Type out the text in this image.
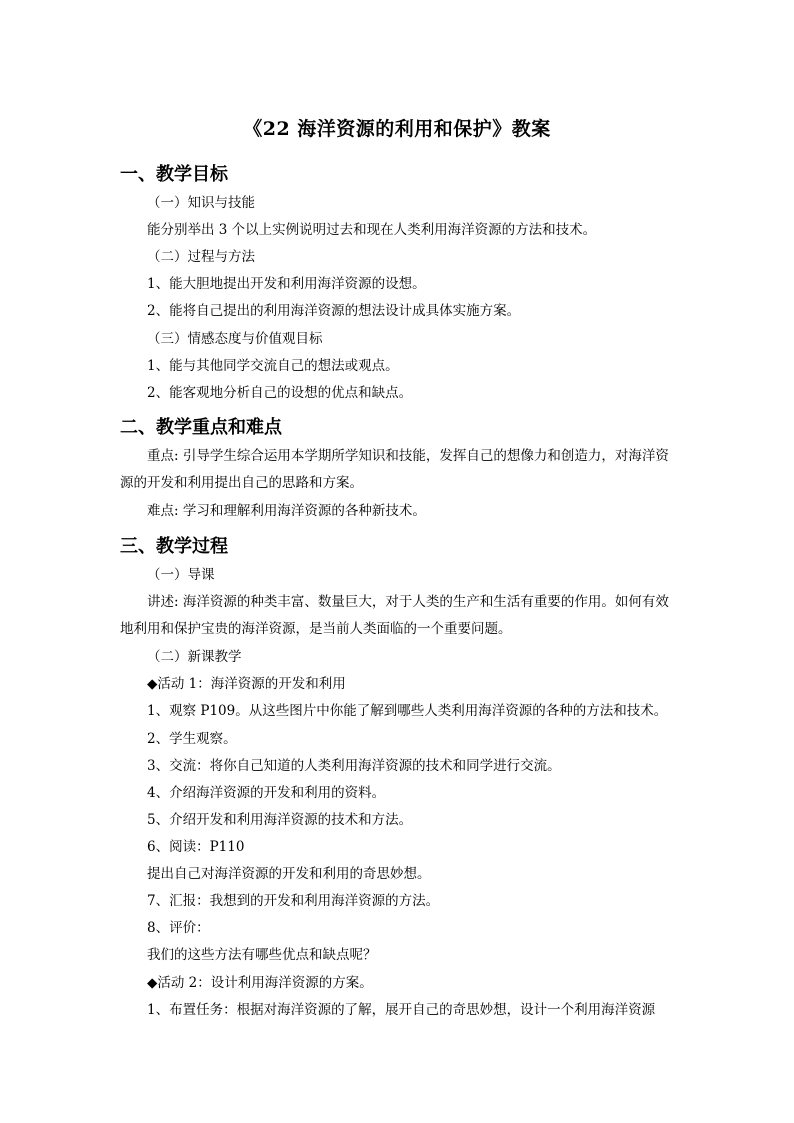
《22 海洋资源的利用和保护》教案
一、教学目标
（一）知识与技能
能分别举出 3 个以上实例说明过去和现在人类利用海洋资源的方法和技术。
（二）过程与方法
1、能大胆地提出开发和利用海洋资源的设想。
2、能将自己提出的利用海洋资源的想法设计成具体实施方案。
（三）情感态度与价值观目标
1、能与其他同学交流自己的想法或观点。
2、能客观地分析自己的设想的优点和缺点。
二、教学重点和难点
重点: 引导学生综合运用本学期所学知识和技能，发挥自己的想像力和创造力，对海洋资源的开发和利用提出自己的思路和方案。
难点: 学习和理解利用海洋资源的各种新技术。
三、教学过程
（一）导课
讲述: 海洋资源的种类丰富、数量巨大，对于人类的生产和生活有重要的作用。如何有效地利用和保护宝贵的海洋资源，是当前人类面临的一个重要问题。
（二）新课教学
◆活动 1：海洋资源的开发和利用
1、观察 P109。从这些图片中你能了解到哪些人类利用海洋资源的各种的方法和技术。
2、学生观察。
3、交流：将你自己知道的人类利用海洋资源的技术和同学进行交流。
4、介绍海洋资源的开发和利用的资料。
5、介绍开发和利用海洋资源的技术和方法。
6、阅读：P110
提出自己对海洋资源的开发和利用的奇思妙想。
7、汇报：我想到的开发和利用海洋资源的方法。
8、评价：
我们的这些方法有哪些优点和缺点呢？
◆活动 2：设计利用海洋资源的方案。
1、布置任务：根据对海洋资源的了解，展开自己的奇思妙想，设计一个利用海洋资源
